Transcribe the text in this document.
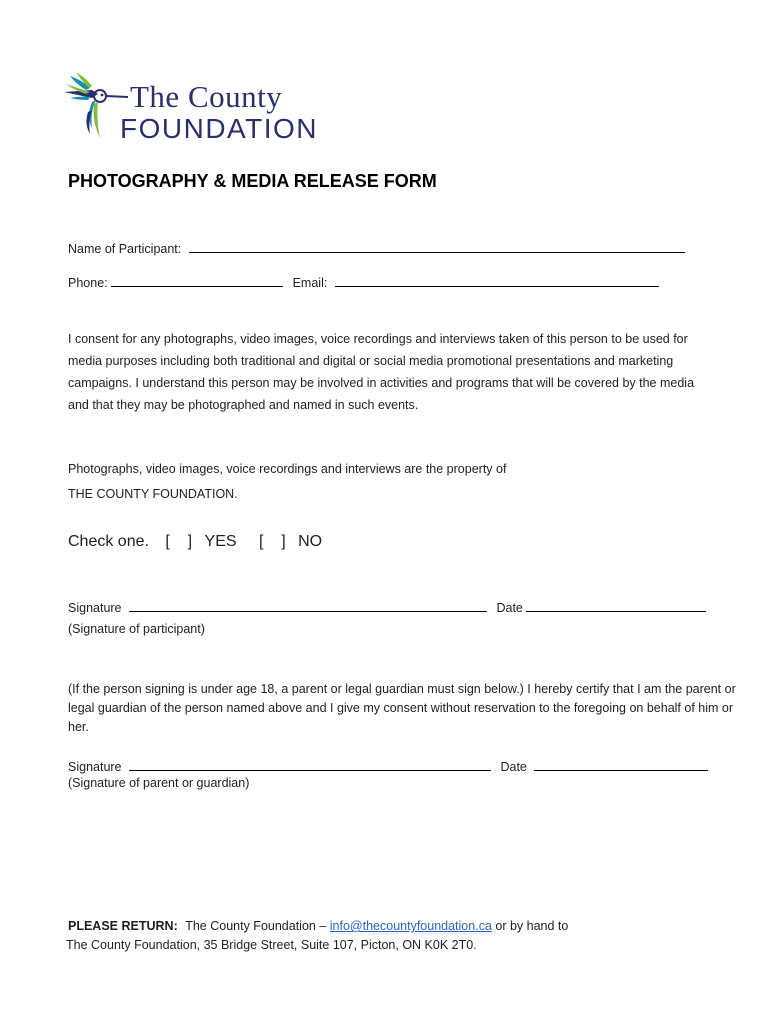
The County
FOUNDATION
PHOTOGRAPHY & MEDIA RELEASE FORM
Name of Participant:
Phone:	Email:
I consent for any photographs, video images, voice recordings and interviews taken of this person to be used for media purposes including both traditional and digital or social media promotional presentations and marketing campaigns. I understand this person may be involved in activities and programs that will be covered by the media and that they may be photographed and named in such events.
Photographs, video images, voice recordings and interviews are the property of
THE COUNTY FOUNDATION.
Check one. [    ] YES [    ] NO
Signature	Date
(Signature of participant)
(If the person signing is under age 18, a parent or legal guardian must sign below.) I hereby certify that I am the parent or legal guardian of the person named above and I give my consent without reservation to the foregoing on behalf of him or her.
Signature	Date
(Signature of parent or guardian)
PLEASE RETURN: The County Foundation – info@thecountyfoundation.ca or by hand to
The County Foundation, 35 Bridge Street, Suite 107, Picton, ON K0K 2T0.
